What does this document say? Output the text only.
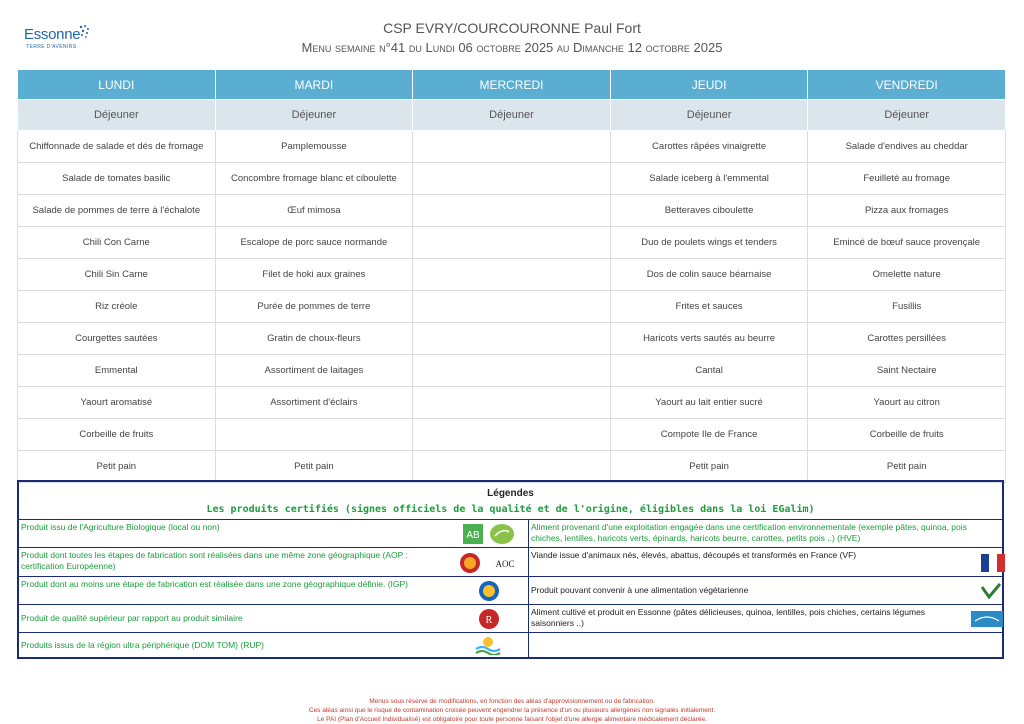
Essonne
TERRE D'AVENIRS
CSP EVRY/COURCOURONNE Paul Fort
Menu semaine n°41 du Lundi 06 octobre 2025 au Dimanche 12 octobre 2025
LUNDI	MARDI	MERCREDI	JEUDI	VENDREDI
Déjeuner	Déjeuner	Déjeuner	Déjeuner	Déjeuner
Chiffonnade de salade et dés de fromage	Pamplemousse		Carottes râpées vinaigrette	Salade d'endives au cheddar
Salade de tomates basilic	Concombre fromage blanc et ciboulette		Salade iceberg à l'emmental	Feuilleté au fromage
Salade de pommes de terre à l'échalote	Œuf mimosa		Betteraves ciboulette	Pizza aux fromages
Chili Con Carne	Escalope de porc sauce normande		Duo de poulets wings et tenders	Emincé de bœuf sauce provençale
Chili Sin Carne	Filet de hoki aux graines		Dos de colin sauce béarnaise	Omelette nature
Riz créole	Purée de pommes de terre		Frites et sauces	Fusillis
Courgettes sautées	Gratin de choux-fleurs		Haricots verts sautés au beurre	Carottes persillées
Emmental	Assortiment de laitages		Cantal	Saint Nectaire
Yaourt aromatisé	Assortiment d'éclairs		Yaourt au lait entier sucré	Yaourt au citron
Corbeille de fruits			Compote Ile de France	Corbeille de fruits
Petit pain	Petit pain		Petit pain	Petit pain
Légendes
Les produits certifiés (signes officiels de la qualité et de l'origine, éligibles dans la loi EGalim)
Produit issu de l'Agriculture Biologique (local ou non)
AB
Aliment provenant d'une exploitation engagée dans une certification environnementale (exemple pâtes, quinoa, pois chiches, lentilles, haricots verts, épinards, haricots beurre, carottes, petits pois ..) (HVE)
Produit dont toutes les étapes de fabrication sont réalisées dans une même zone géographique (AOP : certification Européenne)	AOC
Viande issue d'animaux nés, élevés, abattus, découpés et transformés en France (VF)
Produit dont au moins une étape de fabrication est réalisée dans une zone géographique définie. (IGP)
Produit pouvant convenir à une alimentation végétarienne
Produit de qualité supérieur par rapport au produit similaire	R
Aliment cultivé et produit en Essonne (pâtes délicieuses, quinoa, lentilles, pois chiches, certains légumes saisonniers ..)
Produits issus de la région ultra périphérique (DOM TOM) (RUP)
Menus sous réserve de modifications, en fonction des aléas d'approvisionnement ou de fabrication.
Ces aléas ainsi que le risque de contamination croisée peuvent engendrer la présence d'un ou plusieurs allergènes non signalés initialement.
Le PAI (Plan d'Accueil Individualisé) est obligatoire pour toute personne faisant l'objet d'une allergie alimentaire médicalement déclarée.
